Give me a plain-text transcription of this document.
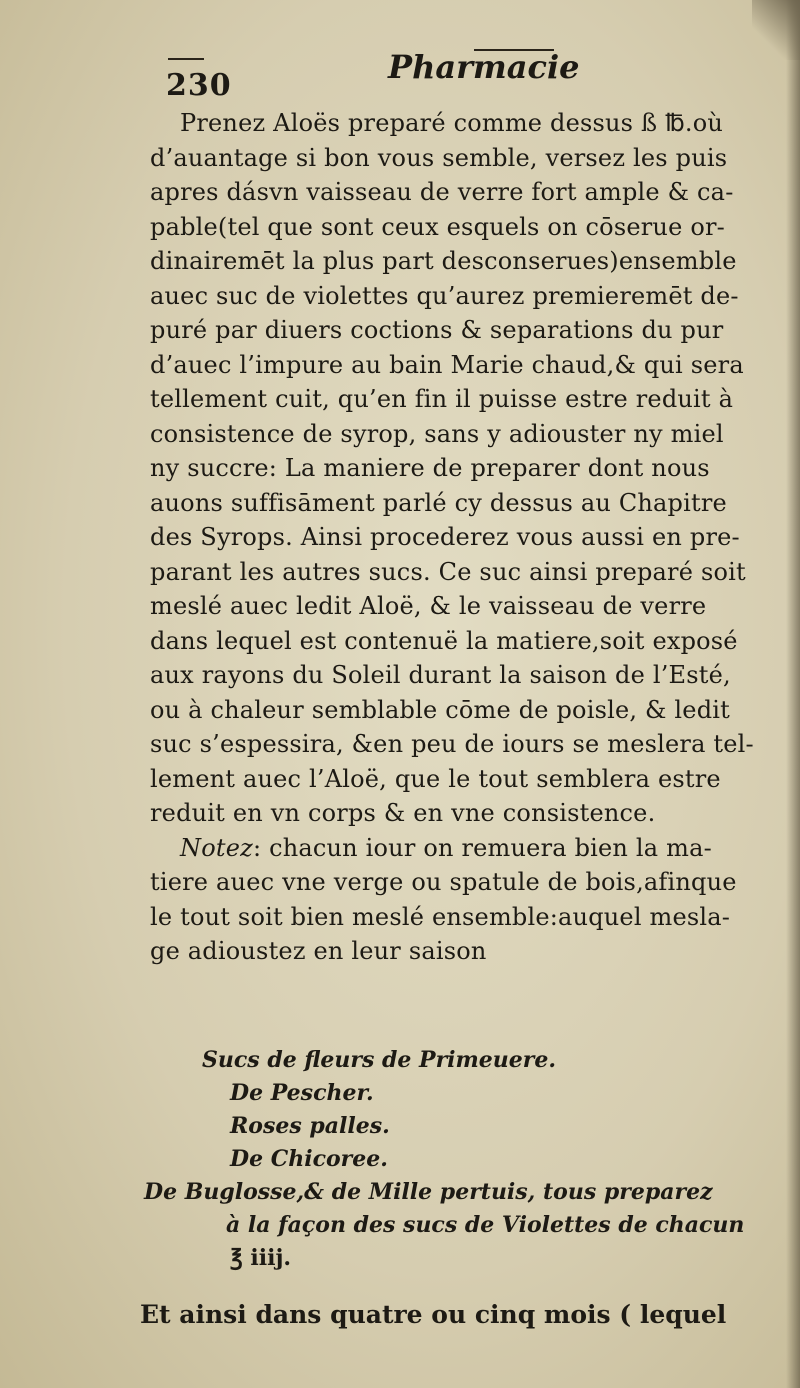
230	Pharmacie
Prenez Aloës preparé comme dessus ß ℔.où
d’auantage si bon vous semble, versez les puis
apres dásvn vaisseau de verre fort ample & ca-
pable(tel que sont ceux esquels on cōserue or-
dinairemēt la plus part desconserues)ensemble
auec suc de violettes qu’aurez premieremēt de-
puré par diuers coctions & separations du pur
d’auec l’impure au bain Marie chaud,& qui sera
tellement cuit, qu’en fin il puisse estre reduit à
consistence de syrop, sans y adiouster ny miel
ny succre: La maniere de preparer dont nous
auons suffisāment parlé cy dessus au Chapitre
des Syrops. Ainsi procederez vous aussi en pre-
parant les autres sucs. Ce suc ainsi preparé soit
meslé auec ledit Aloë, & le vaisseau de verre
dans lequel est contenuë la matiere,soit exposé
aux rayons du Soleil durant la saison de l’Esté,
ou à chaleur semblable cōme de poisle, & ledit
suc s’espessira, &en peu de iours se meslera tel-
lement auec l’Aloë, que le tout semblera estre
reduit en vn corps & en vne consistence.
Notez: chacun iour on remuera bien la ma-
tiere auec vne verge ou spatule de bois,afinque
le tout soit bien meslé ensemble:auquel mesla-
ge adioustez en leur saison
Sucs de fleurs de Primeuere.
De Pescher.
Roses palles.
De Chicoree.
De Buglosse,& de Mille pertuis, tous preparez
à la façon des sucs de Violettes de chacun
℥ iiij.
Et ainsi dans quatre ou cinq mois ( lequel
